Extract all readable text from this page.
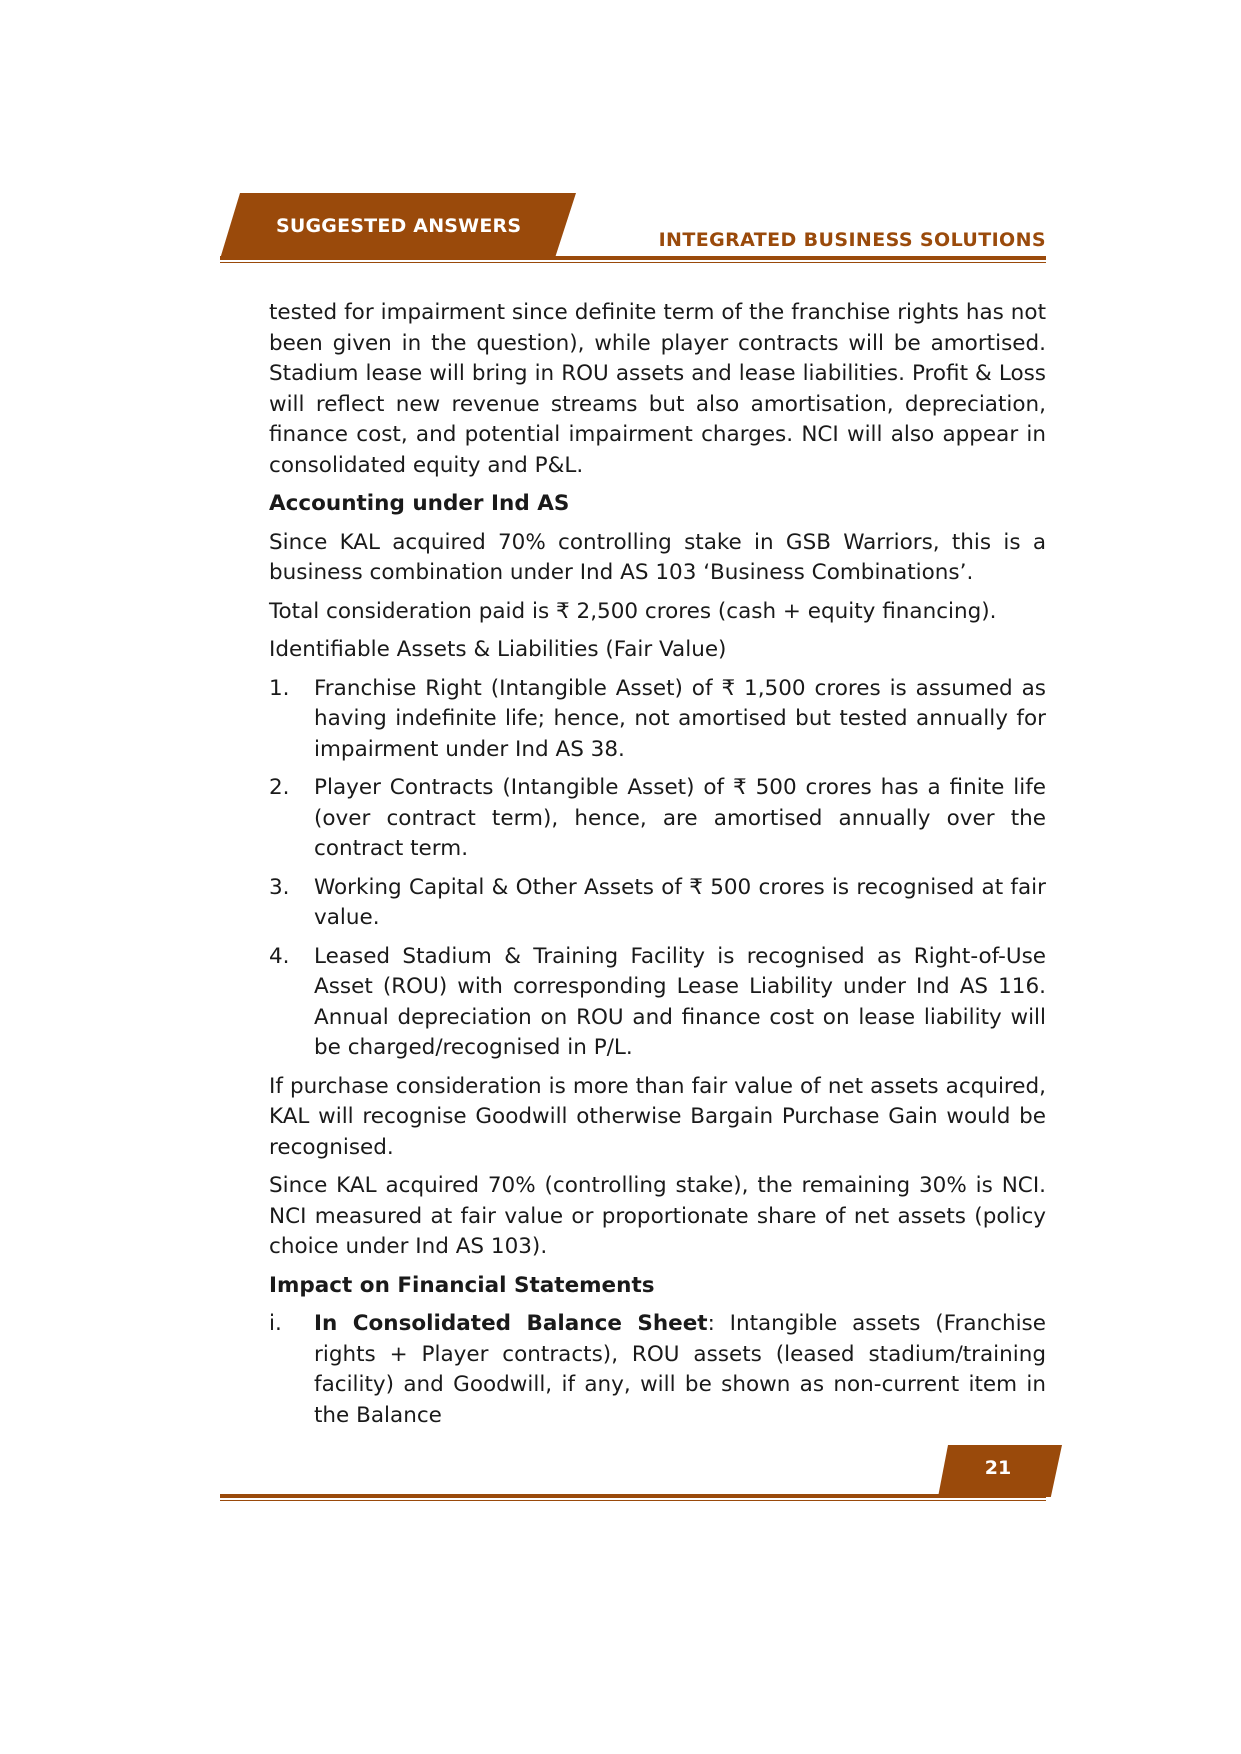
SUGGESTED ANSWERS
INTEGRATED BUSINESS SOLUTIONS

tested for impairment since definite term of the franchise rights has not been given in the question), while player contracts will be amortised. Stadium lease will bring in ROU assets and lease liabilities. Profit & Loss will reflect new revenue streams but also amortisation, depreciation, finance cost, and potential impairment charges. NCI will also appear in consolidated equity and P&L.

Accounting under Ind AS

Since KAL acquired 70% controlling stake in GSB Warriors, this is a business combination under Ind AS 103 ‘Business Combinations’.

Total consideration paid is ₹ 2,500 crores (cash + equity financing).

Identifiable Assets & Liabilities (Fair Value)

1.	Franchise Right (Intangible Asset) of ₹ 1,500 crores is assumed as having indefinite life; hence, not amortised but tested annually for impairment under Ind AS 38.
2.	Player Contracts (Intangible Asset) of ₹ 500 crores has a finite life (over contract term), hence, are amortised annually over the contract term.
3.	Working Capital & Other Assets of ₹ 500 crores is recognised at fair value.
4.	Leased Stadium & Training Facility is recognised as Right-of-Use Asset (ROU) with corresponding Lease Liability under Ind AS 116. Annual depreciation on ROU and finance cost on lease liability will be charged/recognised in P/L.

If purchase consideration is more than fair value of net assets acquired, KAL will recognise Goodwill otherwise Bargain Purchase Gain would be recognised.

Since KAL acquired 70% (controlling stake), the remaining 30% is NCI. NCI measured at fair value or proportionate share of net assets (policy choice under Ind AS 103).

Impact on Financial Statements

i.	In Consolidated Balance Sheet: Intangible assets (Franchise rights + Player contracts), ROU assets (leased stadium/training facility) and Goodwill, if any, will be shown as non-current item in the Balance
21
